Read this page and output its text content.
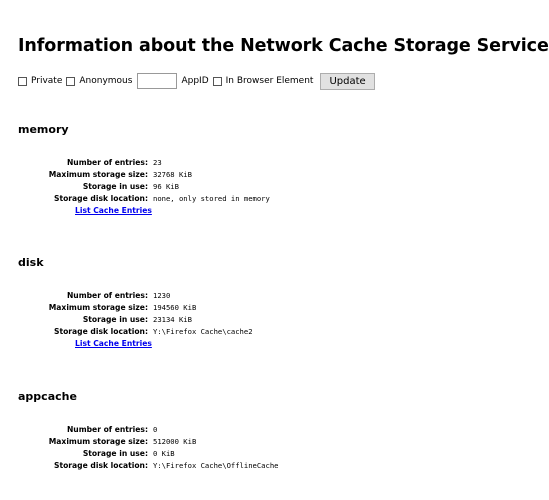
Information about the Network Cache Storage Service
Private Anonymous	AppID In Browser Element	Update
memory
Number of entries: 23
Maximum storage size: 32768 KiB
Storage in use: 96 KiB
Storage disk location: none, only stored in memory
List Cache Entries
disk
Number of entries: 1230
Maximum storage size: 194560 KiB
Storage in use: 23134 KiB
Storage disk location: Y:\Firefox Cache\cache2
List Cache Entries
appcache
Number of entries: 0
Maximum storage size: 512000 KiB
Storage in use: 0 KiB
Storage disk location: Y:\Firefox Cache\OfflineCache
